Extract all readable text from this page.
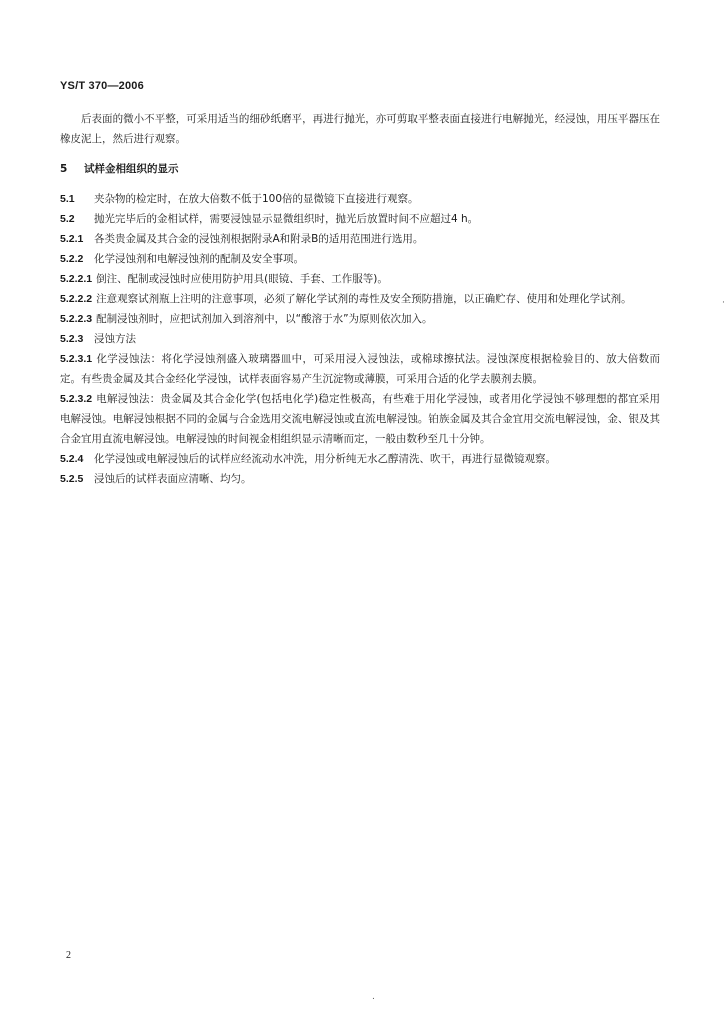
YS/T 370—2006

后表面的微小不平整，可采用适当的细砂纸磨平，再进行抛光，亦可剪取平整表面直接进行电解抛光，经浸蚀，用压平器压在橡皮泥上，然后进行观察。

5 试样金相组织的显示

5.1 夹杂物的检定时，在放大倍数不低于100倍的显微镜下直接进行观察。

5.2 抛光完毕后的金相试样，需要浸蚀显示显微组织时，抛光后放置时间不应超过4 h。

5.2.1 各类贵金属及其合金的浸蚀剂根据附录A和附录B的适用范围进行选用。

5.2.2 化学浸蚀剂和电解浸蚀剂的配制及安全事项。

5.2.2.1 倒注、配制或浸蚀时应使用防护用具(眼镜、手套、工作服等)。

5.2.2.2 注意观察试剂瓶上注明的注意事项，必须了解化学试剂的毒性及安全预防措施，以正确贮存、使用和处理化学试剂。

5.2.2.3 配制浸蚀剂时，应把试剂加入到溶剂中，以“酸溶于水”为原则依次加入。

5.2.3 浸蚀方法

5.2.3.1 化学浸蚀法：将化学浸蚀剂盛入玻璃器皿中，可采用浸入浸蚀法，或棉球擦拭法。浸蚀深度根据检验目的、放大倍数而定。有些贵金属及其合金经化学浸蚀，试样表面容易产生沉淀物或薄膜，可采用合适的化学去膜剂去膜。

5.2.3.2 电解浸蚀法：贵金属及其合金化学(包括电化学)稳定性极高，有些难于用化学浸蚀，或者用化学浸蚀不够理想的都宜采用电解浸蚀。电解浸蚀根据不同的金属与合金选用交流电解浸蚀或直流电解浸蚀。铂族金属及其合金宜用交流电解浸蚀，金、银及其合金宜用直流电解浸蚀。电解浸蚀的时间视金相组织显示清晰而定，一般由数秒至几十分钟。

5.2.4 化学浸蚀或电解浸蚀后的试样应经流动水冲洗，用分析纯无水乙醇清洗、吹干，再进行显微镜观察。

5.2.5 浸蚀后的试样表面应清晰、均匀。

·
2
.
